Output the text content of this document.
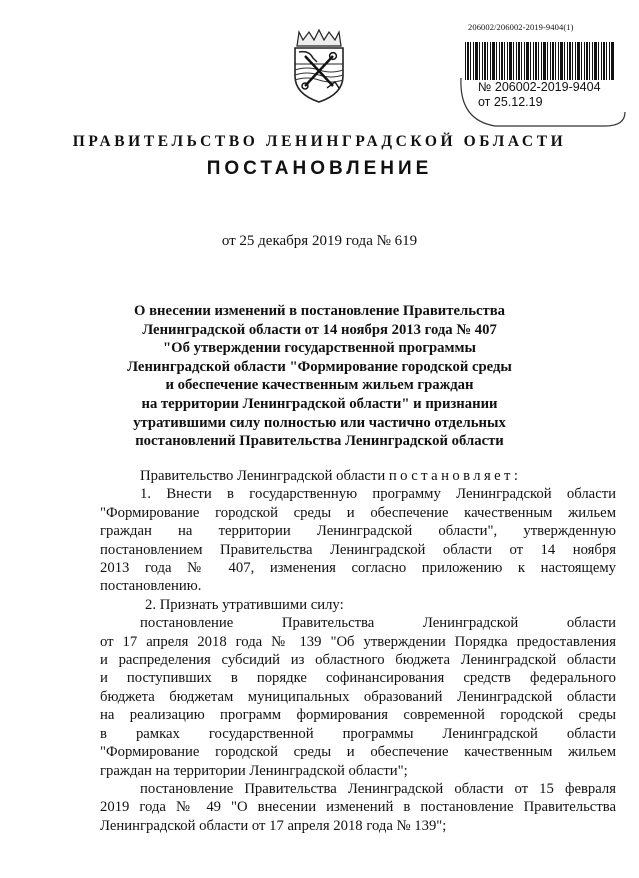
206002/206002-2019-9404(1)
№ 206002-2019-9404
от 25.12.19
ПРАВИТЕЛЬСТВО ЛЕНИНГРАДСКОЙ ОБЛАСТИ
ПОСТАНОВЛЕНИЕ
от 25 декабря 2019 года № 619
О внесении изменений в постановление Правительства
Ленинградской области от 14 ноября 2013 года № 407
"Об утверждении государственной программы
Ленинградской области "Формирование городской среды
и обеспечение качественным жильем граждан
на территории Ленинградской области" и признании
утратившими силу полностью или частично отдельных
постановлений Правительства Ленинградской области
Правительство Ленинградской области постановляет:
1. Внести в государственную программу Ленинградской области
"Формирование городской среды и обеспечение качественным жильем
граждан на территории Ленинградской области", утвержденную
постановлением Правительства Ленинградской области от 14 ноября
2013 года № 407, изменения согласно приложению к настоящему
постановлению.
2. Признать утратившими силу:
постановление Правительства Ленинградской области
от 17 апреля 2018 года № 139 "Об утверждении Порядка предоставления
и распределения субсидий из областного бюджета Ленинградской области
и поступивших в порядке софинансирования средств федерального
бюджета бюджетам муниципальных образований Ленинградской области
на реализацию программ формирования современной городской среды
в рамках государственной программы Ленинградской области
"Формирование городской среды и обеспечение качественным жильем
граждан на территории Ленинградской области";
постановление Правительства Ленинградской области от 15 февраля
2019 года № 49 "О внесении изменений в постановление Правительства
Ленинградской области от 17 апреля 2018 года № 139";
